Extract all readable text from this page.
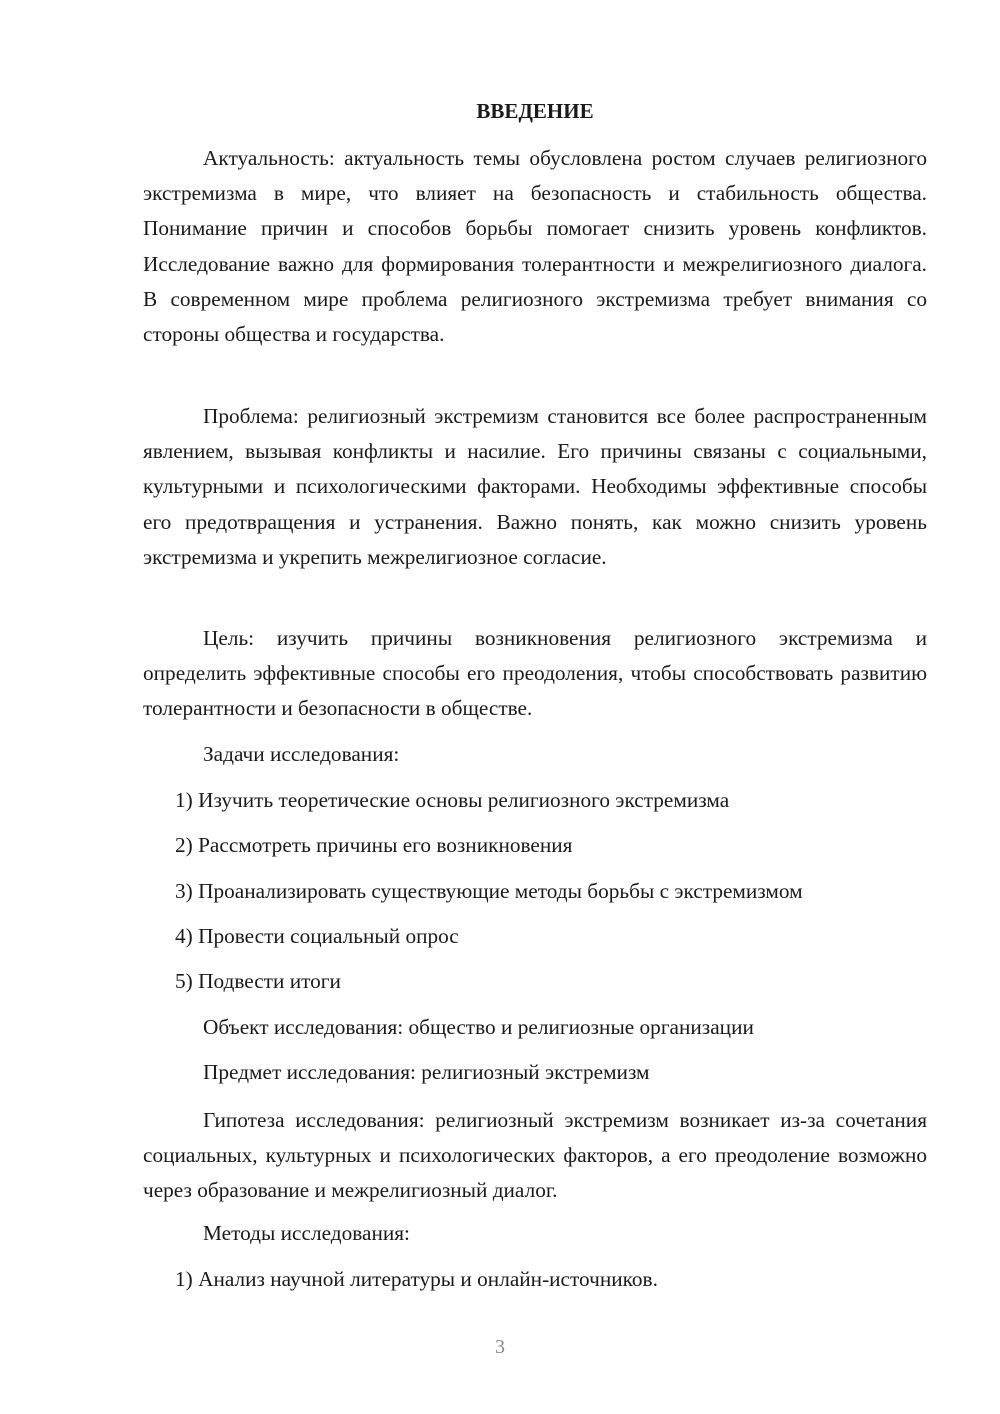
ВВЕДЕНИЕ

Актуальность: актуальность темы обусловлена ростом случаев религиозного экстремизма в мире, что влияет на безопасность и стабильность общества. Понимание причин и способов борьбы помогает снизить уровень конфликтов. Исследование важно для формирования толерантности и межрелигиозного диалога. В современном мире проблема религиозного экстремизма требует внимания со стороны общества и государства.

Проблема: религиозный экстремизм становится все более распространенным явлением, вызывая конфликты и насилие. Его причины связаны с социальными, культурными и психологическими факторами. Необходимы эффективные способы его предотвращения и устранения. Важно понять, как можно снизить уровень экстремизма и укрепить межрелигиозное согласие.

Цель: изучить причины возникновения религиозного экстремизма и определить эффективные способы его преодоления, чтобы способствовать развитию толерантности и безопасности в обществе.

Задачи исследования:

1) Изучить теоретические основы религиозного экстремизма

2) Рассмотреть причины его возникновения

3) Проанализировать существующие методы борьбы с экстремизмом

4) Провести социальный опрос

5) Подвести итоги

Объект исследования: общество и религиозные организации

Предмет исследования: религиозный экстремизм

Гипотеза исследования: религиозный экстремизм возникает из-за сочетания социальных, культурных и психологических факторов, а его преодоление возможно через образование и межрелигиозный диалог.

Методы исследования:

1) Анализ научной литературы и онлайн-источников.

3
